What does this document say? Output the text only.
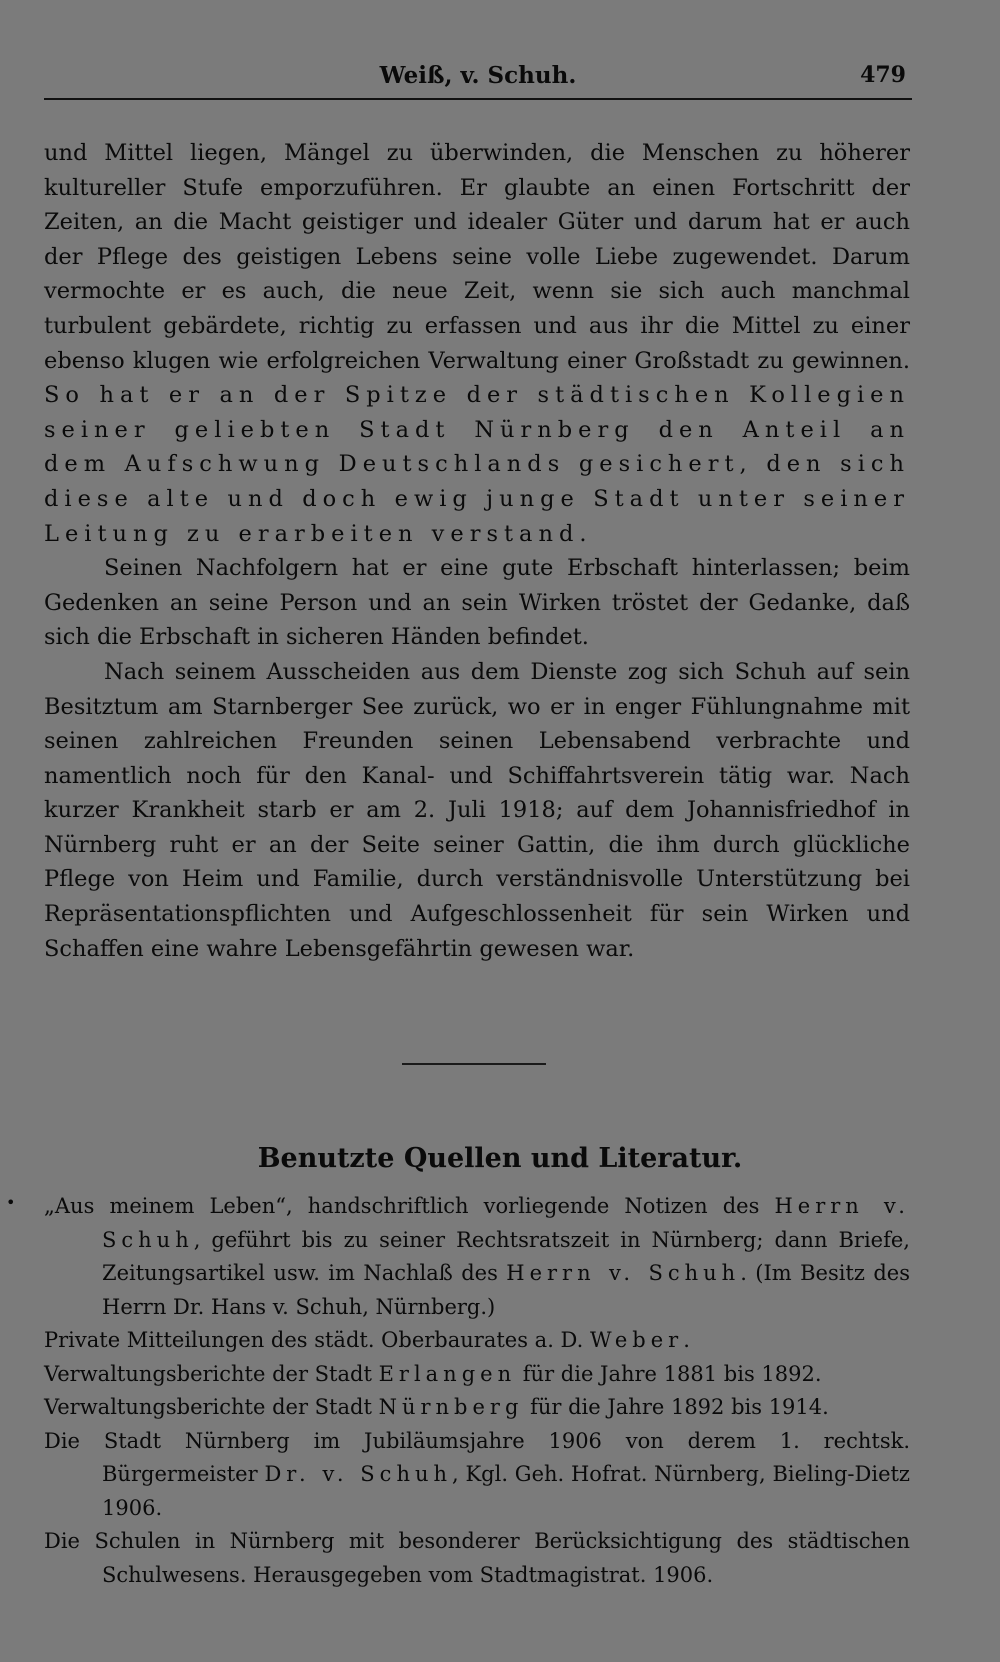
Weiß, v. Schuh.	479

und Mittel liegen, Mängel zu überwinden, die Menschen zu höherer kultureller Stufe emporzuführen. Er glaubte an einen Fortschritt der Zeiten, an die Macht geistiger und idealer Güter und darum hat er auch der Pflege des geistigen Lebens seine volle Liebe zugewendet. Darum vermochte er es auch, die neue Zeit, wenn sie sich auch manchmal turbulent gebärdete, richtig zu erfassen und aus ihr die Mittel zu einer ebenso klugen wie erfolgreichen Verwaltung einer Großstadt zu gewinnen. So hat er an der Spitze der städtischen Kollegien seiner geliebten Stadt Nürnberg den Anteil an dem Aufschwung Deutschlands gesichert, den sich diese alte und doch ewig junge Stadt unter seiner Leitung zu erarbeiten verstand.

Seinen Nachfolgern hat er eine gute Erbschaft hinterlassen; beim Gedenken an seine Person und an sein Wirken tröstet der Gedanke, daß sich die Erbschaft in sicheren Händen befindet.

Nach seinem Ausscheiden aus dem Dienste zog sich Schuh auf sein Besitztum am Starnberger See zurück, wo er in enger Fühlungnahme mit seinen zahlreichen Freunden seinen Lebensabend verbrachte und namentlich noch für den Kanal- und Schiffahrtsverein tätig war. Nach kurzer Krankheit starb er am 2. Juli 1918; auf dem Johannisfriedhof in Nürnberg ruht er an der Seite seiner Gattin, die ihm durch glückliche Pflege von Heim und Familie, durch verständnisvolle Unterstützung bei Repräsentationspflichten und Aufgeschlossenheit für sein Wirken und Schaffen eine wahre Lebensgefährtin gewesen war.

Benutzte Quellen und Literatur.
• „Aus meinem Leben“, handschriftlich vorliegende Notizen des Herrn v. Schuh, geführt bis zu seiner Rechtsratszeit in Nürnberg; dann Briefe, Zeitungsartikel usw. im Nachlaß des Herrn v. Schuh. (Im Besitz des Herrn Dr. Hans v. Schuh, Nürnberg.)
Private Mitteilungen des städt. Oberbaurates a. D. Weber.
Verwaltungsberichte der Stadt Erlangen für die Jahre 1881 bis 1892.
Verwaltungsberichte der Stadt Nürnberg für die Jahre 1892 bis 1914.
Die Stadt Nürnberg im Jubiläumsjahre 1906 von derem 1. rechtsk. Bürgermeister Dr. v. Schuh, Kgl. Geh. Hofrat. Nürnberg, Bieling-Dietz 1906.
Die Schulen in Nürnberg mit besonderer Berücksichtigung des städtischen Schulwesens. Herausgegeben vom Stadtmagistrat. 1906.
